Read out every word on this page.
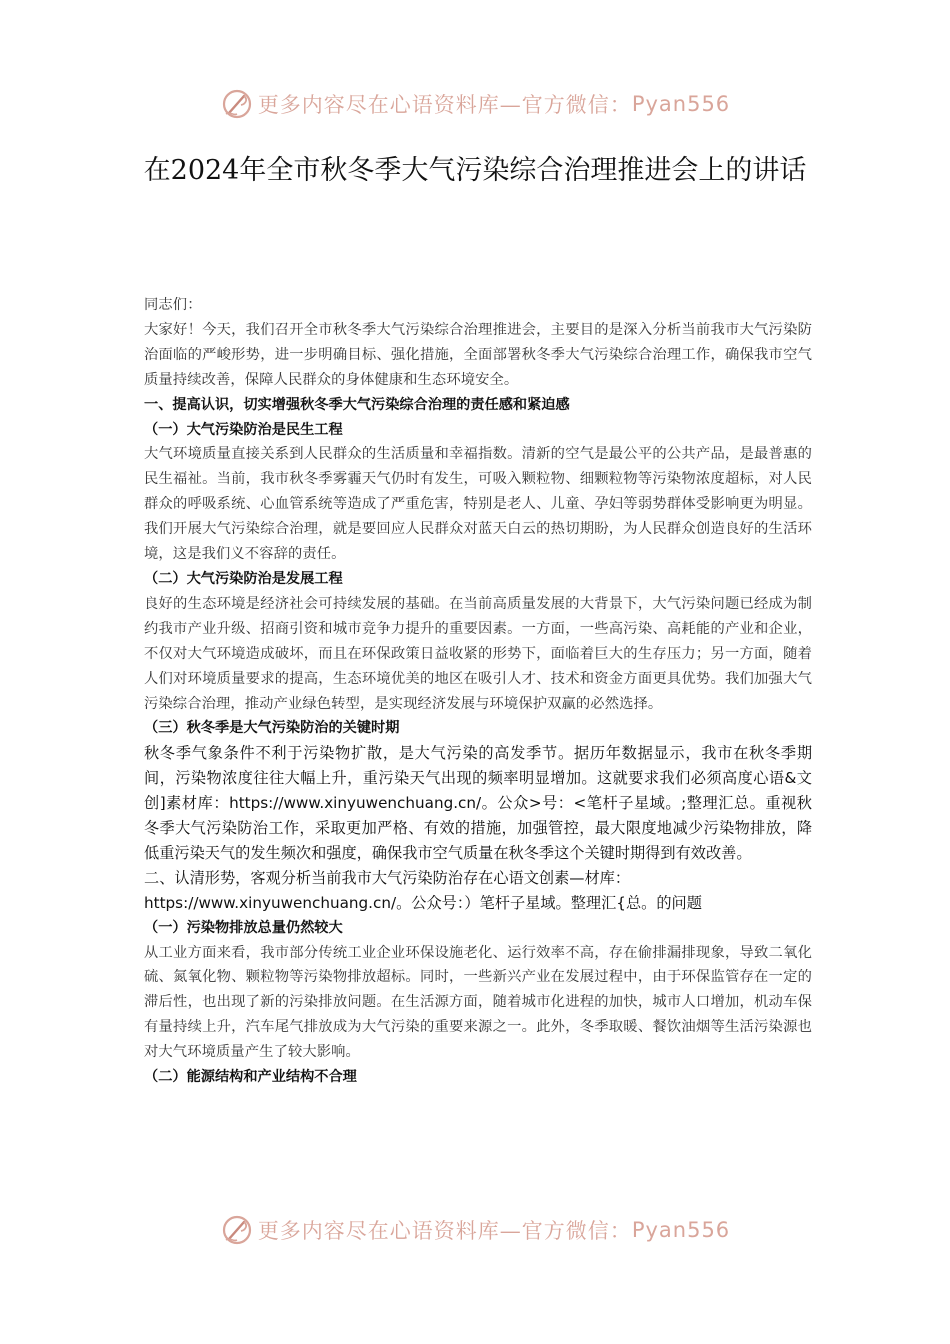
更多内容尽在心语资料库—官方微信： Pyan556
在2024年全市秋冬季大气污染综合治理推进会上的讲话

同志们：

大家好！今天，我们召开全市秋冬季大气污染综合治理推进会，主要目的是深入分析当前我市大气污染防治面临的严峻形势，进一步明确目标、强化措施，全面部署秋冬季大气污染综合治理工作，确保我市空气质量持续改善，保障人民群众的身体健康和生态环境安全。

一、提高认识，切实增强秋冬季大气污染综合治理的责任感和紧迫感

（一）大气污染防治是民生工程

大气环境质量直接关系到人民群众的生活质量和幸福指数。清新的空气是最公平的公共产品，是最普惠的民生福祉。当前，我市秋冬季雾霾天气仍时有发生，可吸入颗粒物、细颗粒物等污染物浓度超标，对人民群众的呼吸系统、心血管系统等造成了严重危害，特别是老人、儿童、孕妇等弱势群体受影响更为明显。我们开展大气污染综合治理，就是要回应人民群众对蓝天白云的热切期盼，为人民群众创造良好的生活环境，这是我们义不容辞的责任。

（二）大气污染防治是发展工程

良好的生态环境是经济社会可持续发展的基础。在当前高质量发展的大背景下，大气污染问题已经成为制约我市产业升级、招商引资和城市竞争力提升的重要因素。一方面，一些高污染、高耗能的产业和企业，不仅对大气环境造成破坏，而且在环保政策日益收紧的形势下，面临着巨大的生存压力；另一方面，随着人们对环境质量要求的提高，生态环境优美的地区在吸引人才、技术和资金方面更具优势。我们加强大气污染综合治理，推动产业绿色转型，是实现经济发展与环境保护双赢的必然选择。

（三）秋冬季是大气污染防治的关键时期

秋冬季气象条件不利于污染物扩散，是大气污染的高发季节。据历年数据显示，我市在秋冬季期间，污染物浓度往往大幅上升，重污染天气出现的频率明显增加。这就要求我们必须高度心语&文创]素材库：https://www.xinyuwenchuang.cn/。公众>号：<笔杆子星域。;整理汇总。重视秋冬季大气污染防治工作，采取更加严格、有效的措施，加强管控，最大限度地减少污染物排放，降低重污染天气的发生频次和强度，确保我市空气质量在秋冬季这个关键时期得到有效改善。

二、认清形势，客观分析当前我市大气污染防治存在心语文创素—材库：https://www.xinyuwenchuang.cn/。公众号：）笔杆子星域。整理汇{总。的问题

（一）污染物排放总量仍然较大

从工业方面来看，我市部分传统工业企业环保设施老化、运行效率不高，存在偷排漏排现象，导致二氧化硫、氮氧化物、颗粒物等污染物排放超标。同时，一些新兴产业在发展过程中，由于环保监管存在一定的滞后性，也出现了新的污染排放问题。在生活源方面，随着城市化进程的加快，城市人口增加，机动车保有量持续上升，汽车尾气排放成为大气污染的重要来源之一。此外，冬季取暖、餐饮油烟等生活污染源也对大气环境质量产生了较大影响。

（二）能源结构和产业结构不合理

更多内容尽在心语资料库—官方微信： Pyan556
